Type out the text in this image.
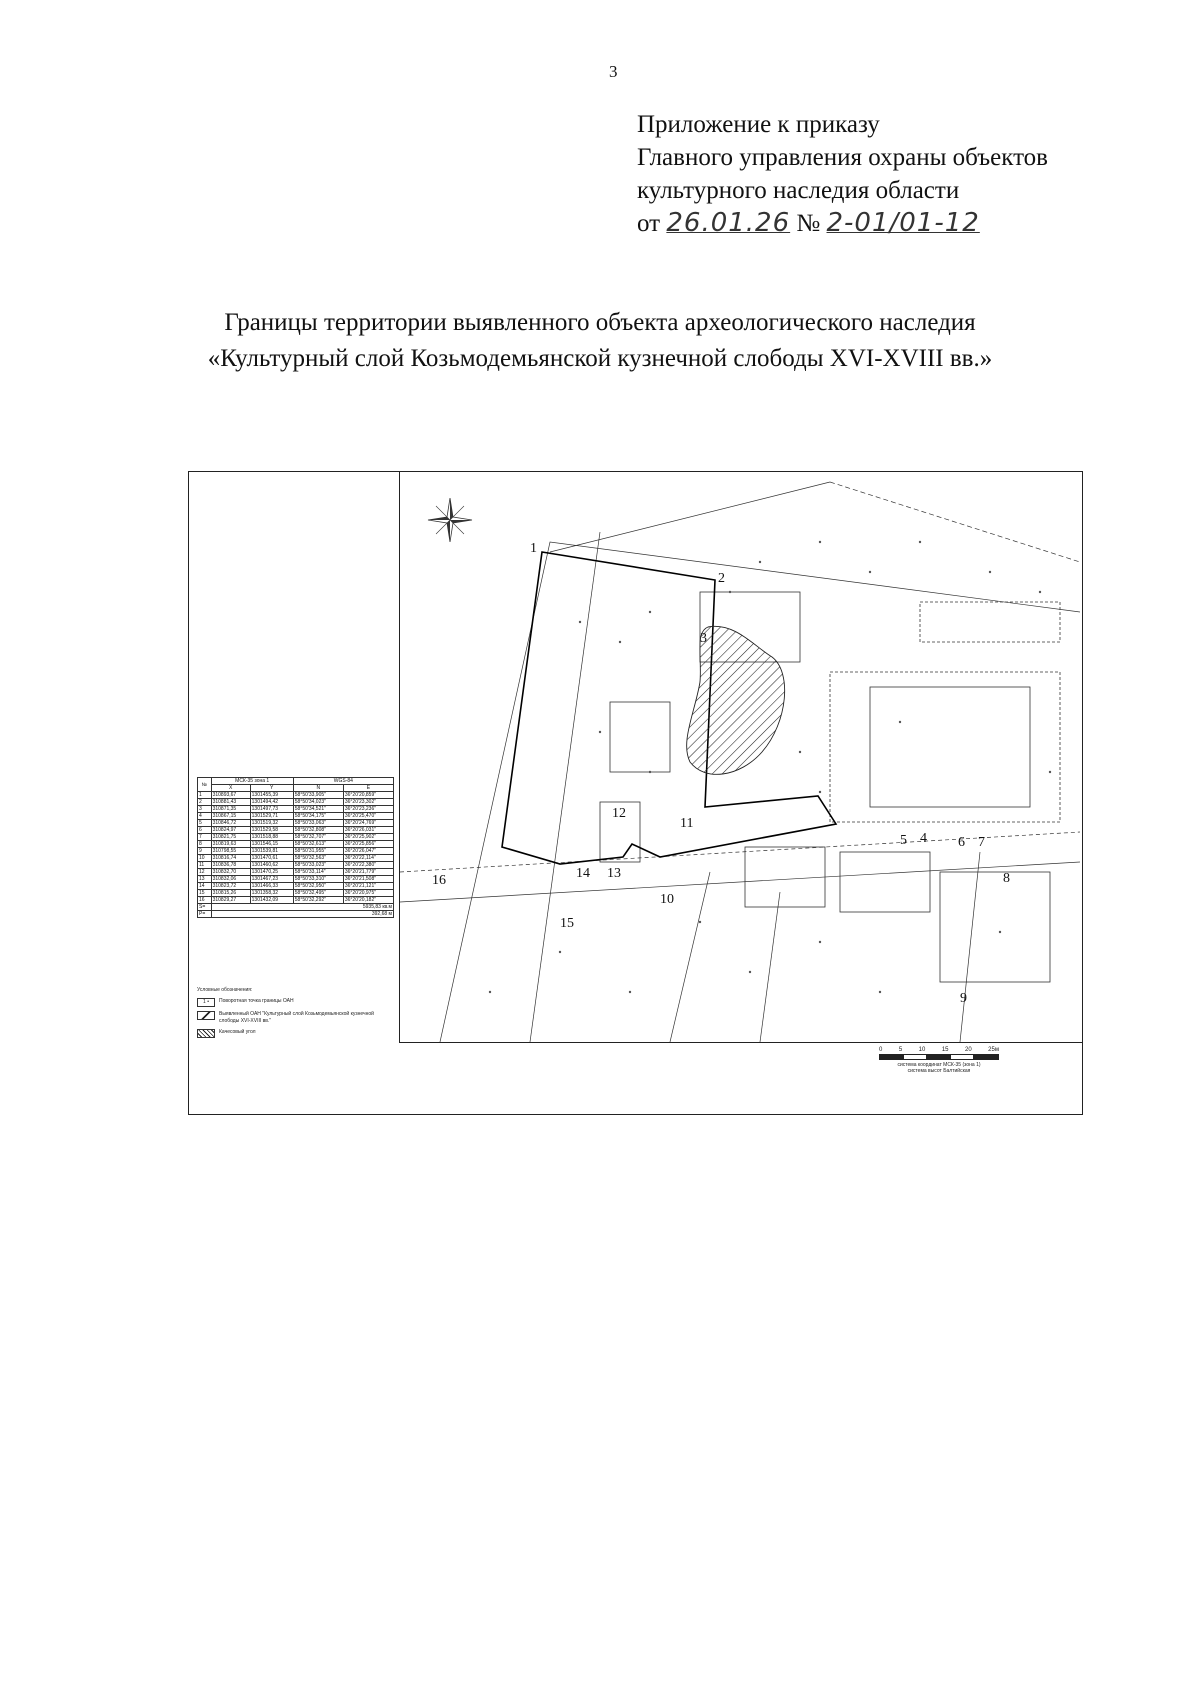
3
Приложение к приказу
Главного управления охраны объектов
культурного наследия области
от 26.01.26 № 2-01/01-12
Границы территории выявленного объекта археологического наследия
«Культурный слой Козьмодемьянской кузнечной слободы XVI-XVIII вв.»
№	МСК-35 зона 1		WGS-84	
	X	Y	N	E
1	310893,67	1301455,39	58°50'33,905"	36°20'20,859"
2	310881,43	1301494,42	58°50'34,023"	36°20'23,302"
3	310871,35	1301497,73	58°50'34,521"	36°20'23,236"
4	310867,15	1301529,71	58°50'34,175"	36°20'25,470"
5	310846,72	1301519,32	58°50'33,063"	36°20'24,769"
6	310824,97	1301529,58	58°50'32,808"	36°20'26,031"
7	310821,75	1301518,88	58°50'32,707"	36°20'25,902"
8	310819,63	1301546,15	58°50'32,613"	36°20'25,856"
9	310798,55	1301539,81	58°50'31,955"	36°20'26,047"
10	310816,74	1301470,61	58°50'32,563"	36°20'22,114"
11	310836,78	1301460,62	58°50'33,023"	36°20'22,380"
12	310832,70	1301470,25	58°50'33,114"	36°20'21,779"
13	310832,06	1301467,23	58°50'33,310"	36°20'21,508"
14	310823,72	1301466,33	58°50'32,950"	36°20'21,121"
15	310815,26	1301358,32	58°50'32,495"	36°20'20,975"
16	310829,27	1301432,09	58°50'32,292"	36°20'20,182"
S=	5935,83 кв.м			
P=	392,68 м			
Условные обозначения:
1 •	Поворотная точка границы ОАН
Выявленный ОАН "Культурный слой Козьмодемьянской кузнечной слободы XVI-XVIII вв."
Качесовый угол
1
2
3
4
5	6 7
8
9
10
11
12
13
14
15
16
0	5	10	15	20	25м
система координат МСК-35 (зона 1)
система высот Балтийская
